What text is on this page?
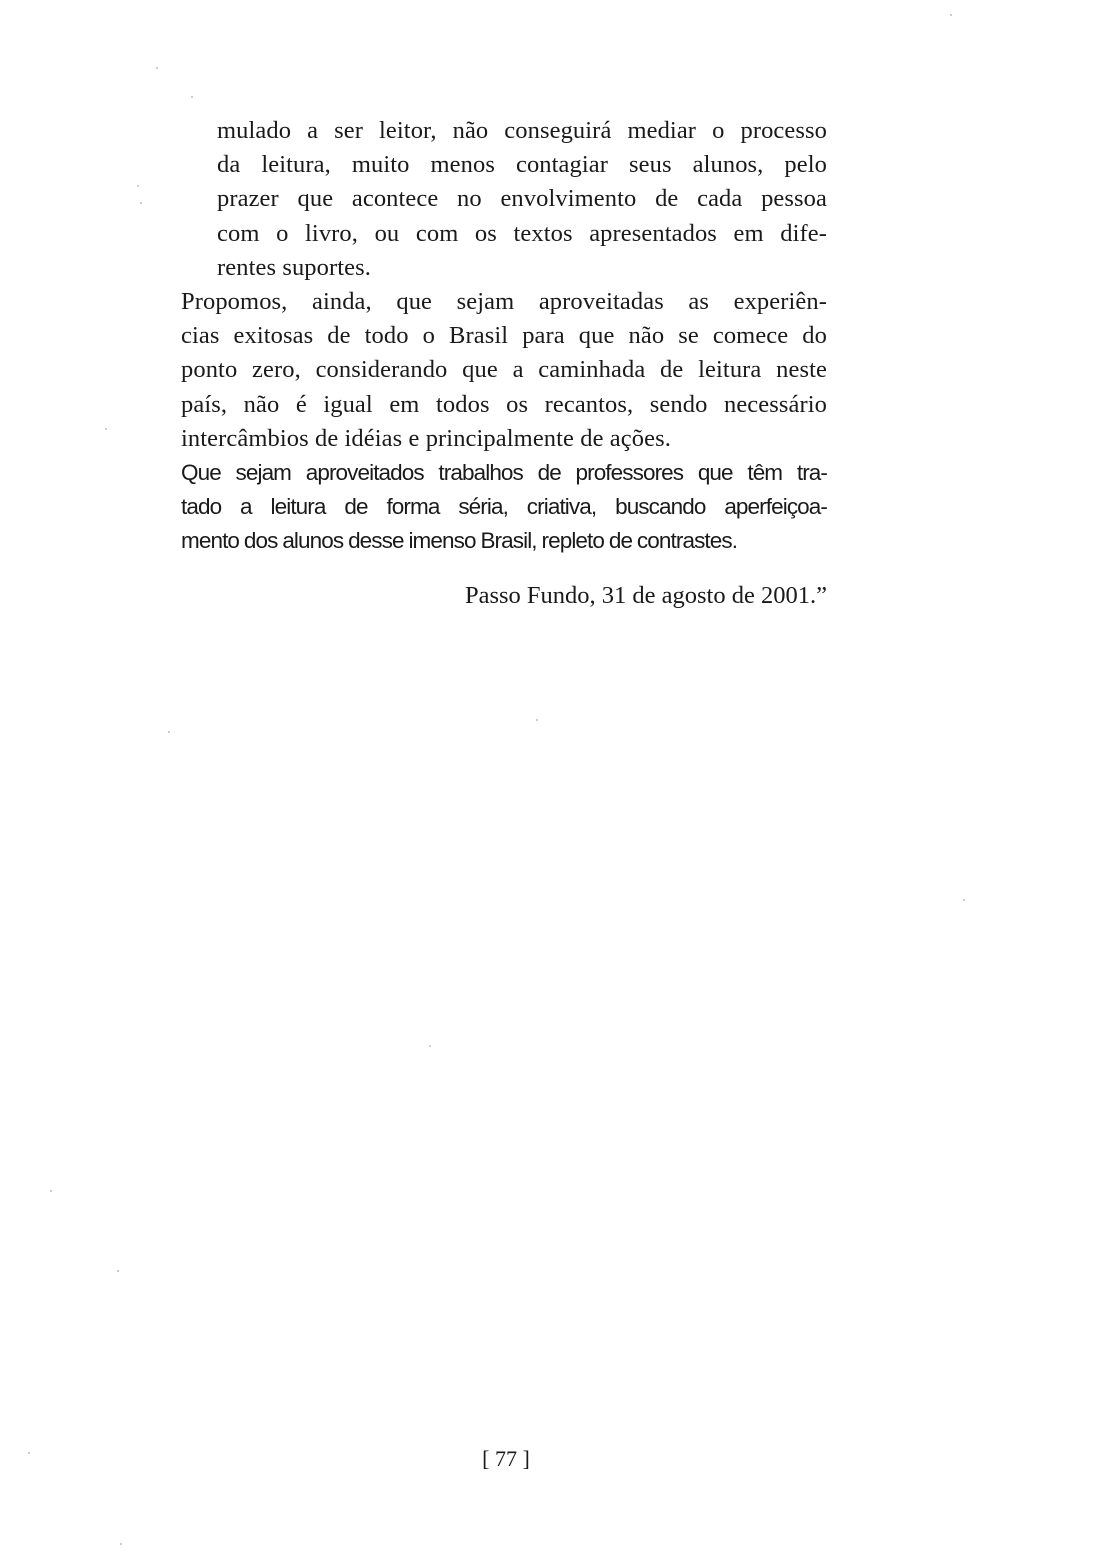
mulado a ser leitor, não conseguirá mediar o processo
da leitura, muito menos contagiar seus alunos, pelo
prazer que acontece no envolvimento de cada pessoa
com o livro, ou com os textos apresentados em dife-
rentes suportes.
Propomos, ainda, que sejam aproveitadas as experiên-
cias exitosas de todo o Brasil para que não se comece do
ponto zero, considerando que a caminhada de leitura neste
país, não é igual em todos os recantos, sendo necessário
intercâmbios de idéias e principalmente de ações.
Que sejam aproveitados trabalhos de professores que têm tra-
tado a leitura de forma séria, criativa, buscando aperfeiçoa-
mento dos alunos desse imenso Brasil, repleto de contrastes.
Passo Fundo, 31 de agosto de 2001.”
[ 77 ]
